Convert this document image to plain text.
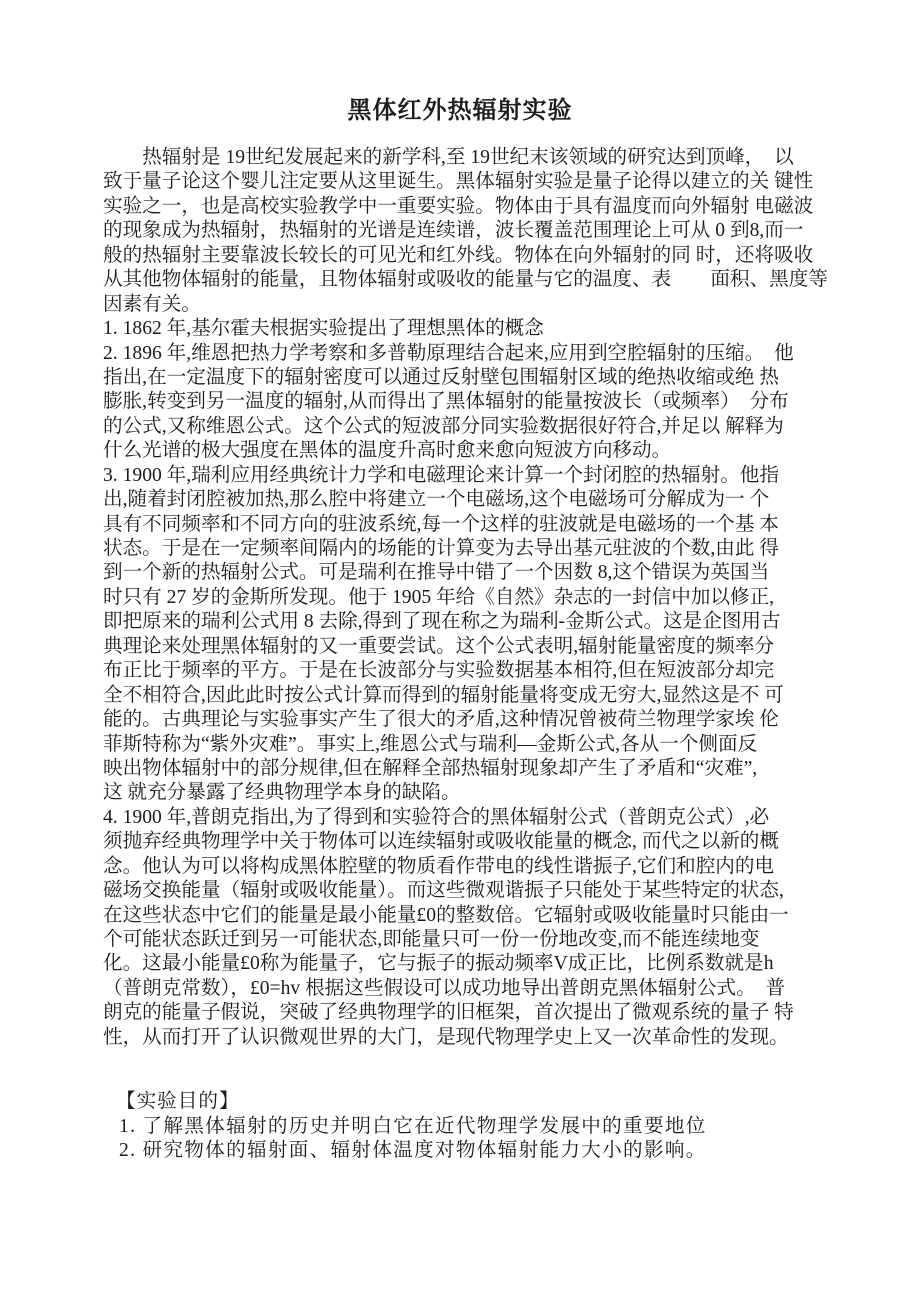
黑体红外热辐射实验
　　热辐射是 19世纪发展起来的新学科,至 19世纪末该领域的研究达到顶峰，　以
致于量子论这个婴儿注定要从这里诞生。黑体辐射实验是量子论得以建立的关 键性
实验之一，也是高校实验教学中一重要实验。物体由于具有温度而向外辐射 电磁波
的现象成为热辐射，热辐射的光谱是连续谱，波长覆盖范围理论上可从 0 到8,而一
般的热辐射主要靠波长较长的可见光和红外线。物体在向外辐射的同 时，还将吸收
从其他物体辐射的能量，且物体辐射或吸收的能量与它的温度、表　　面积、黑度等
因素有关。
1. 1862 年,基尔霍夫根据实验提出了理想黑体的概念
2. 1896 年,维恩把热力学考察和多普勒原理结合起来,应用到空腔辐射的压缩。　他
指出,在一定温度下的辐射密度可以通过反射壁包围辐射区域的绝热收缩或绝 热
膨胀,转变到另一温度的辐射,从而得出了黑体辐射的能量按波长（或频率）　分布
的公式,又称维恩公式。这个公式的短波部分同实验数据很好符合,并足以 解释为
什么光谱的极大强度在黑体的温度升高时愈来愈向短波方向移动。
3. 1900 年,瑞利应用经典统计力学和电磁理论来计算一个封闭腔的热辐射。他指
出,随着封闭腔被加热,那么腔中将建立一个电磁场,这个电磁场可分解成为一 个
具有不同频率和不同方向的驻波系统,每一个这样的驻波就是电磁场的一个基 本
状态。于是在一定频率间隔内的场能的计算变为去导出基元驻波的个数,由此 得
到一个新的热辐射公式。可是瑞利在推导中错了一个因数 8,这个错误为英国当
时只有 27 岁的金斯所发现。他于 1905 年给《自然》杂志的一封信中加以修正,
即把原来的瑞利公式用 8 去除,得到了现在称之为瑞利-金斯公式。这是企图用古
典理论来处理黑体辐射的又一重要尝试。这个公式表明,辐射能量密度的频率分
布正比于频率的平方。于是在长波部分与实验数据基本相符,但在短波部分却完
全不相符合,因此此时按公式计算而得到的辐射能量将变成无穷大,显然这是不 可
能的。古典理论与实验事实产生了很大的矛盾,这种情况曾被荷兰物理学家埃 伦
菲斯特称为“紫外灾难”。事实上,维恩公式与瑞利—金斯公式,各从一个侧面反
映出物体辐射中的部分规律,但在解释全部热辐射现象却产生了矛盾和“灾难”,
这 就充分暴露了经典物理学本身的缺陷。
4. 1900 年,普朗克指出,为了得到和实验符合的黑体辐射公式（普朗克公式）,必
须抛弃经典物理学中关于物体可以连续辐射或吸收能量的概念, 而代之以新的概
念。他认为可以将构成黑体腔壁的物质看作带电的线性谐振子,它们和腔内的电
磁场交换能量（辐射或吸收能量）。而这些微观谐振子只能处于某些特定的状态,
在这些状态中它们的能量是最小能量£0的整数倍。它辐射或吸收能量时只能由一
个可能状态跃迁到另一可能状态,即能量只可一份一份地改变,而不能连续地变
化。这最小能量£0称为能量子，它与振子的振动频率V成正比，比例系数就是h
（普朗克常数），£0=hv 根据这些假设可以成功地导出普朗克黑体辐射公式。　普
朗克的能量子假说，突破了经典物理学的旧框架，首次提出了微观系统的量子 特
性，从而打开了认识微观世界的大门，是现代物理学史上又一次革命性的发现。
【实验目的】
1. 了解黑体辐射的历史并明白它在近代物理学发展中的重要地位
2. 研究物体的辐射面、辐射体温度对物体辐射能力大小的影响。
